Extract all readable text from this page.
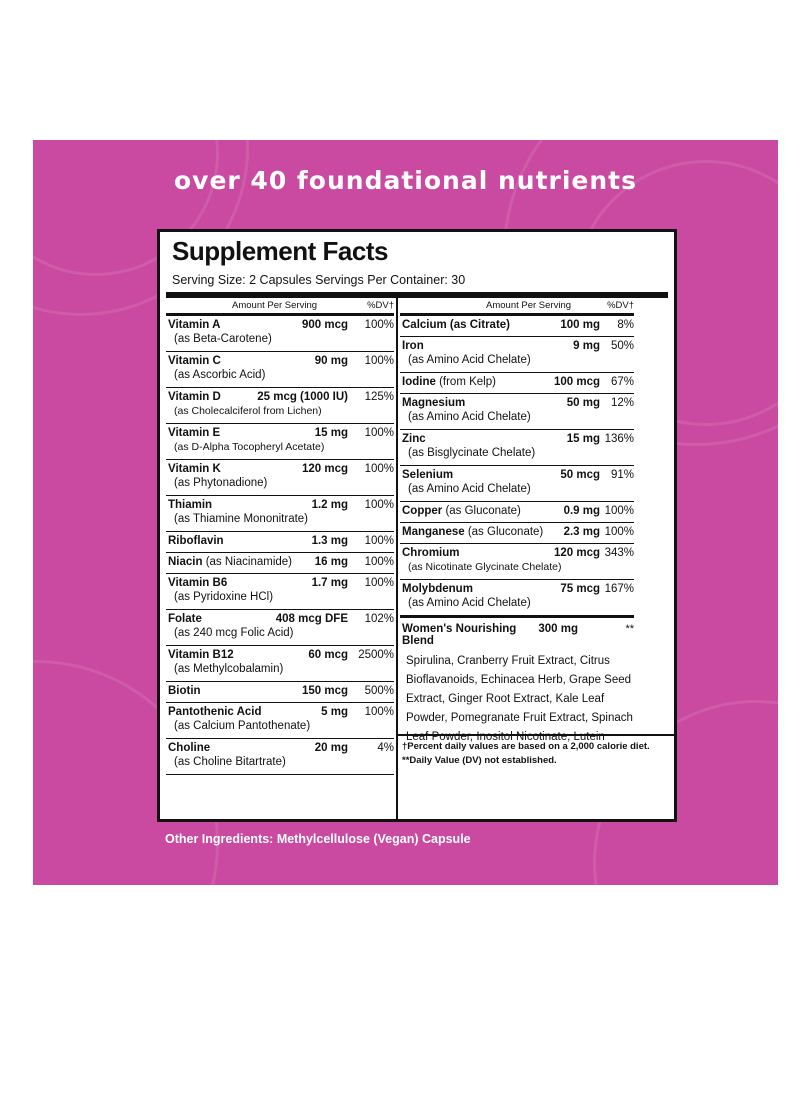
over 40 foundational nutrients
Supplement Facts
Serving Size: 2 Capsules Servings Per Container: 30
Amount Per Serving	%DV†
Vitamin A	900 mcg 100%
(as Beta-Carotene)
Vitamin C	90 mg 100%
(as Ascorbic Acid)
Vitamin D	25 mcg (1000 IU) 125%
(as Cholecalciferol from Lichen)
Vitamin E	15 mg 100%
(as D-Alpha Tocopheryl Acetate)
Vitamin K	120 mcg 100%
(as Phytonadione)
Thiamin	1.2 mg 100%
(as Thiamine Mononitrate)
Riboflavin	1.3 mg 100%
Niacin (as Niacinamide) 16 mg 100%
Vitamin B6	1.7 mg 100%
(as Pyridoxine HCl)
Folate	408 mcg DFE 102%
(as 240 mcg Folic Acid)
Vitamin B12	60 mcg 2500%
(as Methylcobalamin)
Biotin	150 mcg 500%
Pantothenic Acid	5 mg 100%
(as Calcium Pantothenate)
Choline	20 mg	4%
(as Choline Bitartrate)
Amount Per Serving	%DV†
Calcium (as Citrate)	100 mg 8%
Iron	9 mg 50%
(as Amino Acid Chelate)
Iodine (from Kelp)	100 mcg 67%
Magnesium	50 mg 12%
(as Amino Acid Chelate)
Zinc	15 mg 136%
(as Bisglycinate Chelate)
Selenium	50 mcg 91%
(as Amino Acid Chelate)
Copper (as Gluconate)	0.9 mg 100%
Manganese (as Gluconate) 2.3 mg 100%
Chromium	120 mcg 343%
(as Nicotinate Glycinate Chelate)
Molybdenum	75 mcg 167%
(as Amino Acid Chelate)
Women's Nourishing
Blend
300 mg	**
Spirulina, Cranberry Fruit Extract, Citrus Bioflavanoids, Echinacea Herb, Grape Seed Extract, Ginger Root Extract, Kale Leaf Powder, Pomegranate Fruit Extract, Spinach Leaf Powder, Inositol Nicotinate, Lutein
†Percent daily values are based on a 2,000 calorie diet.
**Daily Value (DV) not established.
Other Ingredients: Methylcellulose (Vegan) Capsule
